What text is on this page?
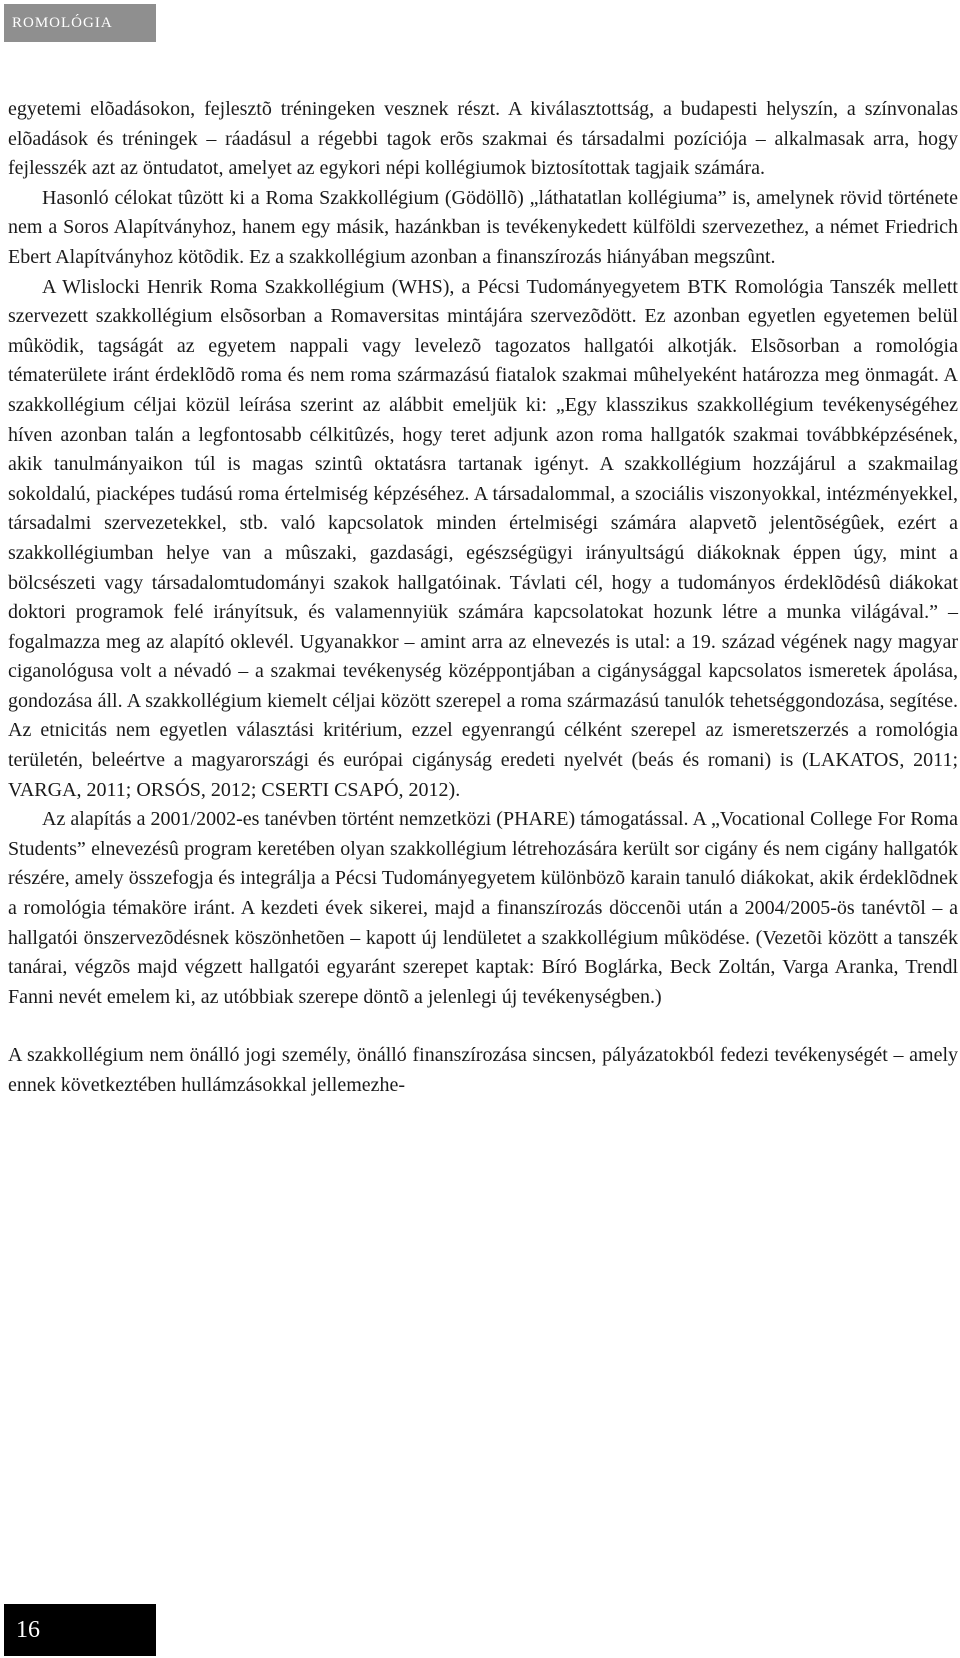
ROMOLÓGIA

egyetemi elõadásokon, fejlesztõ tréningeken vesznek részt. A kiválasztottság, a budapesti helyszín, a színvonalas elõadások és tréningek – ráadásul a régebbi tagok erõs szakmai és társadalmi pozíciója – alkalmasak arra, hogy fejlesszék azt az öntudatot, amelyet az egykori népi kollégiumok biztosítottak tagjaik számára.

Hasonló célokat tûzött ki a Roma Szakkollégium (Gödöllõ) „láthatatlan kollégiuma” is, amelynek rövid története nem a Soros Alapítványhoz, hanem egy másik, hazánkban is tevékenykedett külföldi szervezethez, a német Friedrich Ebert Alapítványhoz kötõdik. Ez a szakkollégium azonban a finanszírozás hiányában megszûnt.

A Wlislocki Henrik Roma Szakkollégium (WHS), a Pécsi Tudományegyetem BTK Romológia Tanszék mellett szervezett szakkollégium elsõsorban a Romaversitas mintájára szervezõdött. Ez azonban egyetlen egyetemen belül mûködik, tagságát az egyetem nappali vagy levelezõ tagozatos hallgatói alkotják. Elsõsorban a romológia tématerülete iránt érdeklõdõ roma és nem roma származású fiatalok szakmai mûhelyeként határozza meg önmagát. A szakkollégium céljai közül leírása szerint az alábbit emeljük ki: „Egy klasszikus szakkollégium tevékenységéhez híven azonban talán a legfontosabb célkitûzés, hogy teret adjunk azon roma hallgatók szakmai továbbképzésének, akik tanulmányaikon túl is magas szintû oktatásra tartanak igényt. A szakkollégium hozzájárul a szakmailag sokoldalú, piacképes tudású roma értelmiség képzéséhez. A társadalommal, a szociális viszonyokkal, intézményekkel, társadalmi szervezetekkel, stb. való kapcsolatok minden értelmiségi számára alapvetõ jelentõségûek, ezért a szakkollégiumban helye van a mûszaki, gazdasági, egészségügyi irányultságú diákoknak éppen úgy, mint a bölcsészeti vagy társadalomtudományi szakok hallgatóinak. Távlati cél, hogy a tudományos érdeklõdésû diákokat doktori programok felé irányítsuk, és valamennyiük számára kapcsolatokat hozunk létre a munka világával.” – fogalmazza meg az alapító oklevél. Ugyanakkor – amint arra az elnevezés is utal: a 19. század végének nagy magyar ciganológusa volt a névadó – a szakmai tevékenység középpontjában a cigánysággal kapcsolatos ismeretek ápolása, gondozása áll. A szakkollégium kiemelt céljai között szerepel a roma származású tanulók tehetséggondozása, segítése. Az etnicitás nem egyetlen választási kritérium, ezzel egyenrangú célként szerepel az ismeretszerzés a romológia területén, beleértve a magyarországi és európai cigányság eredeti nyelvét (beás és romani) is (LAKATOS, 2011; VARGA, 2011; ORSÓS, 2012; CSERTI CSAPÓ, 2012).

Az alapítás a 2001/2002-es tanévben történt nemzetközi (PHARE) támogatással. A „Vocational College For Roma Students” elnevezésû program keretében olyan szakkollégium létrehozására került sor cigány és nem cigány hallgatók részére, amely összefogja és integrálja a Pécsi Tudományegyetem különbözõ karain tanuló diákokat, akik érdeklõdnek a romológia témaköre iránt. A kezdeti évek sikerei, majd a finanszírozás döccenõi után a 2004/2005-ös tanévtõl – a hallgatói önszervezõdésnek köszönhetõen – kapott új lendületet a szakkollégium mûködése. (Vezetõi között a tanszék tanárai, végzõs majd végzett hallgatói egyaránt szerepet kaptak: Bíró Boglárka, Beck Zoltán, Varga Aranka, Trendl Fanni nevét emelem ki, az utóbbiak szerepe döntõ a jelenlegi új tevékenységben.)

A szakkollégium nem önálló jogi személy, önálló finanszírozása sincsen, pályázatokból fedezi tevékenységét – amely ennek következtében hullámzásokkal jellemezhe-

16
